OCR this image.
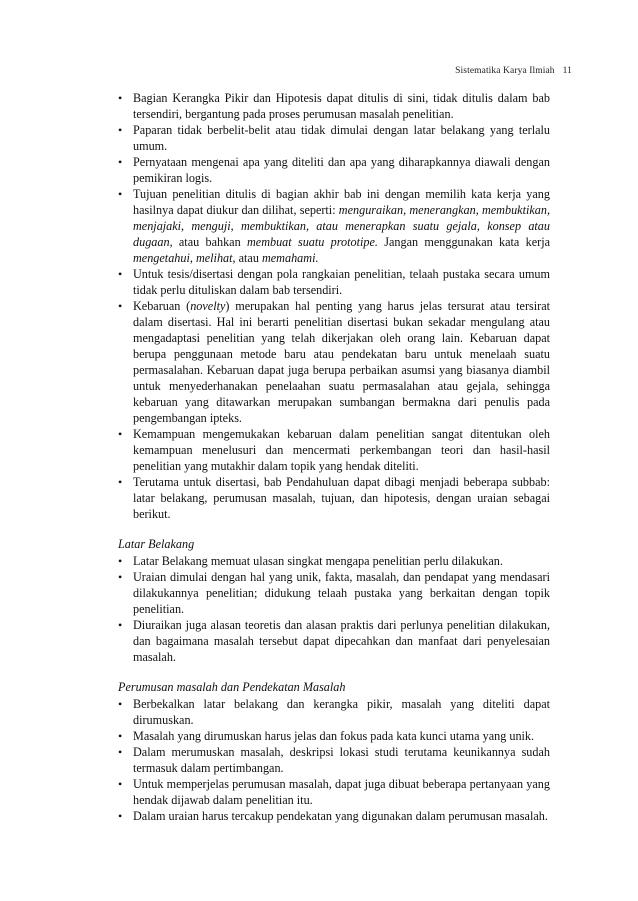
Sistematika Karya Ilmiah 11
• Bagian Kerangka Pikir dan Hipotesis dapat ditulis di sini, tidak ditulis dalam bab tersendiri, bergantung pada proses perumusan masalah penelitian.
• Paparan tidak berbelit-belit atau tidak dimulai dengan latar belakang yang terlalu umum.
• Pernyataan mengenai apa yang diteliti dan apa yang diharapkannya diawali dengan pemikiran logis.
• Tujuan penelitian ditulis di bagian akhir bab ini dengan memilih kata kerja yang hasilnya dapat diukur dan dilihat, seperti: menguraikan, menerangkan, membuktikan, menjajaki, menguji, membuktikan, atau menerapkan suatu gejala, konsep atau dugaan, atau bahkan membuat suatu prototipe. Jangan menggunakan kata kerja mengetahui, melihat, atau memahami.
• Untuk tesis/disertasi dengan pola rangkaian penelitian, telaah pustaka secara umum tidak perlu dituliskan dalam bab tersendiri.
• Kebaruan (novelty) merupakan hal penting yang harus jelas tersurat atau tersirat dalam disertasi. Hal ini berarti penelitian disertasi bukan sekadar mengulang atau mengadaptasi penelitian yang telah dikerjakan oleh orang lain. Kebaruan dapat berupa penggunaan metode baru atau pendekatan baru untuk menelaah suatu permasalahan. Kebaruan dapat juga berupa perbaikan asumsi yang biasanya diambil untuk menyederhanakan penelaahan suatu permasalahan atau gejala, sehingga kebaruan yang ditawarkan merupakan sumbangan bermakna dari penulis pada pengembangan ipteks.
• Kemampuan mengemukakan kebaruan dalam penelitian sangat ditentukan oleh kemampuan menelusuri dan mencermati perkembangan teori dan hasil-hasil penelitian yang mutakhir dalam topik yang hendak diteliti.
• Terutama untuk disertasi, bab Pendahuluan dapat dibagi menjadi beberapa subbab: latar belakang, perumusan masalah, tujuan, dan hipotesis, dengan uraian sebagai berikut.
Latar Belakang
• Latar Belakang memuat ulasan singkat mengapa penelitian perlu dilakukan.
• Uraian dimulai dengan hal yang unik, fakta, masalah, dan pendapat yang mendasari dilakukannya penelitian; didukung telaah pustaka yang berkaitan dengan topik penelitian.
• Diuraikan juga alasan teoretis dan alasan praktis dari perlunya penelitian dilakukan, dan bagaimana masalah tersebut dapat dipecahkan dan manfaat dari penyelesaian masalah.
Perumusan masalah dan Pendekatan Masalah
• Berbekalkan latar belakang dan kerangka pikir, masalah yang diteliti dapat dirumuskan.
• Masalah yang dirumuskan harus jelas dan fokus pada kata kunci utama yang unik.
• Dalam merumuskan masalah, deskripsi lokasi studi terutama keunikannya sudah termasuk dalam pertimbangan.
• Untuk memperjelas perumusan masalah, dapat juga dibuat beberapa pertanyaan yang hendak dijawab dalam penelitian itu.
• Dalam uraian harus tercakup pendekatan yang digunakan dalam perumusan masalah.
